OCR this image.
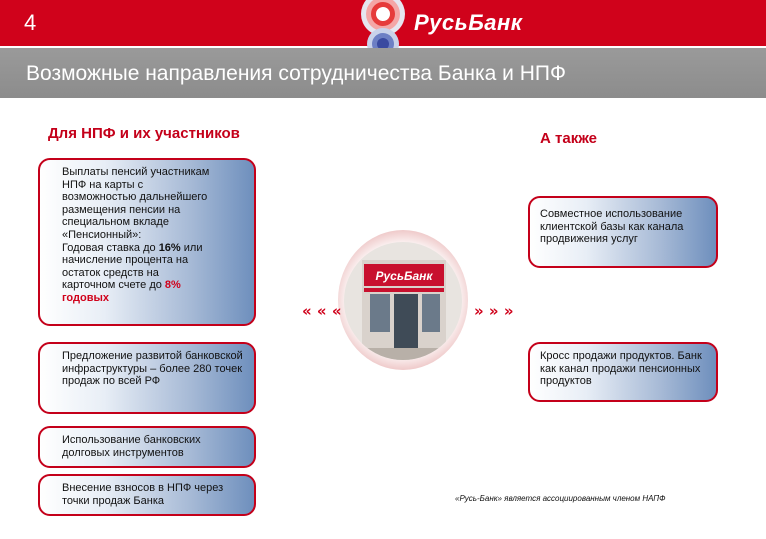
4	РусьБанк
Возможные направления сотрудничества Банка и НПФ
Для НПФ и их участников	А также
Выплаты пенсий участникам
НПФ на карты с
возможностью дальнейшего
размещения пенсии на
специальном вкладе
«Пенсионный»:
Годовая ставка до 16% или
начисление процента на
остаток средств на
карточном счете до 8%
годовых
Предложение развитой банковской инфраструктуры – более 280 точек продаж по всей РФ
Использование банковских долговых инструментов
Внесение взносов в НПФ через точки продаж Банка
Совместное использование клиентской базы как канала продвижения услуг
Кросс продажи продуктов. Банк как канал продажи пенсионных продуктов
РусьБанк
« « «	» » »
«Русь-Банк» является ассоциированным членом НАПФ
